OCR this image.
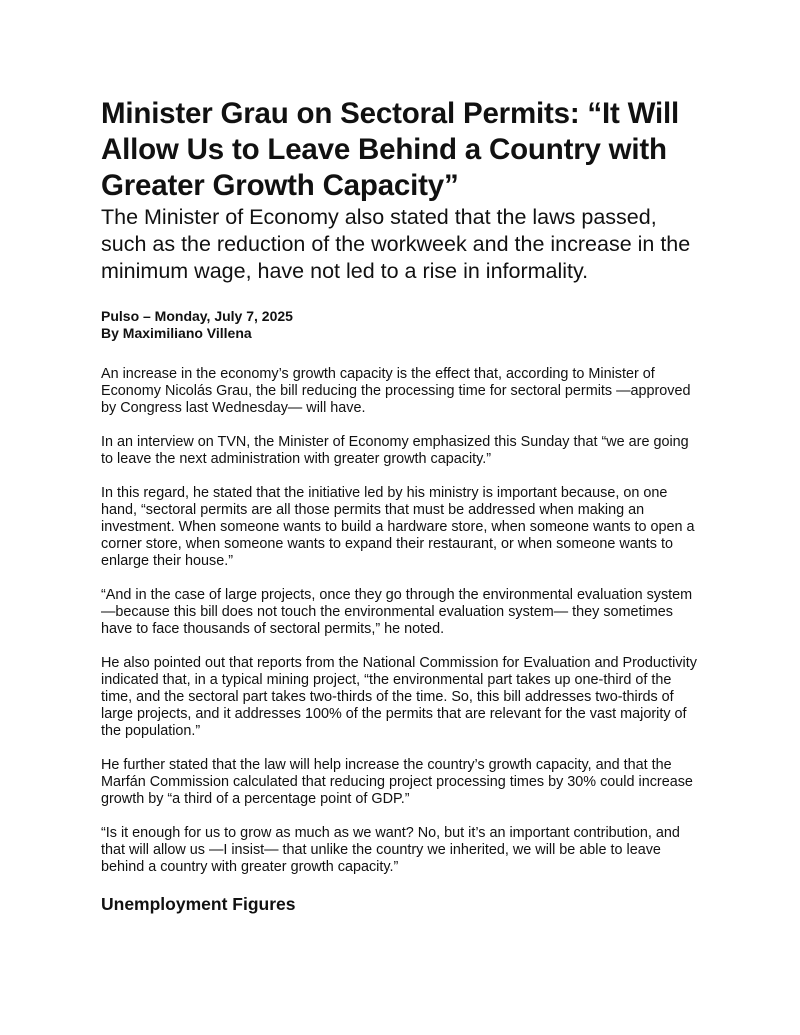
Minister Grau on Sectoral Permits: “It Will Allow Us to Leave Behind a Country with Greater Growth Capacity”

The Minister of Economy also stated that the laws passed, such as the reduction of the workweek and the increase in the minimum wage, have not led to a rise in informality.

Pulso – Monday, July 7, 2025
By Maximiliano Villena

An increase in the economy’s growth capacity is the effect that, according to Minister of Economy Nicolás Grau, the bill reducing the processing time for sectoral permits —approved by Congress last Wednesday— will have.

In an interview on TVN, the Minister of Economy emphasized this Sunday that “we are going to leave the next administration with greater growth capacity.”

In this regard, he stated that the initiative led by his ministry is important because, on one hand, “sectoral permits are all those permits that must be addressed when making an investment. When someone wants to build a hardware store, when someone wants to open a corner store, when someone wants to expand their restaurant, or when someone wants to enlarge their house.”

“And in the case of large projects, once they go through the environmental evaluation system —because this bill does not touch the environmental evaluation system— they sometimes have to face thousands of sectoral permits,” he noted.

He also pointed out that reports from the National Commission for Evaluation and Productivity indicated that, in a typical mining project, “the environmental part takes up one-third of the time, and the sectoral part takes two-thirds of the time. So, this bill addresses two-thirds of large projects, and it addresses 100% of the permits that are relevant for the vast majority of the population.”

He further stated that the law will help increase the country’s growth capacity, and that the Marfán Commission calculated that reducing project processing times by 30% could increase growth by “a third of a percentage point of GDP.”

“Is it enough for us to grow as much as we want? No, but it’s an important contribution, and that will allow us —I insist— that unlike the country we inherited, we will be able to leave behind a country with greater growth capacity.”

Unemployment Figures
